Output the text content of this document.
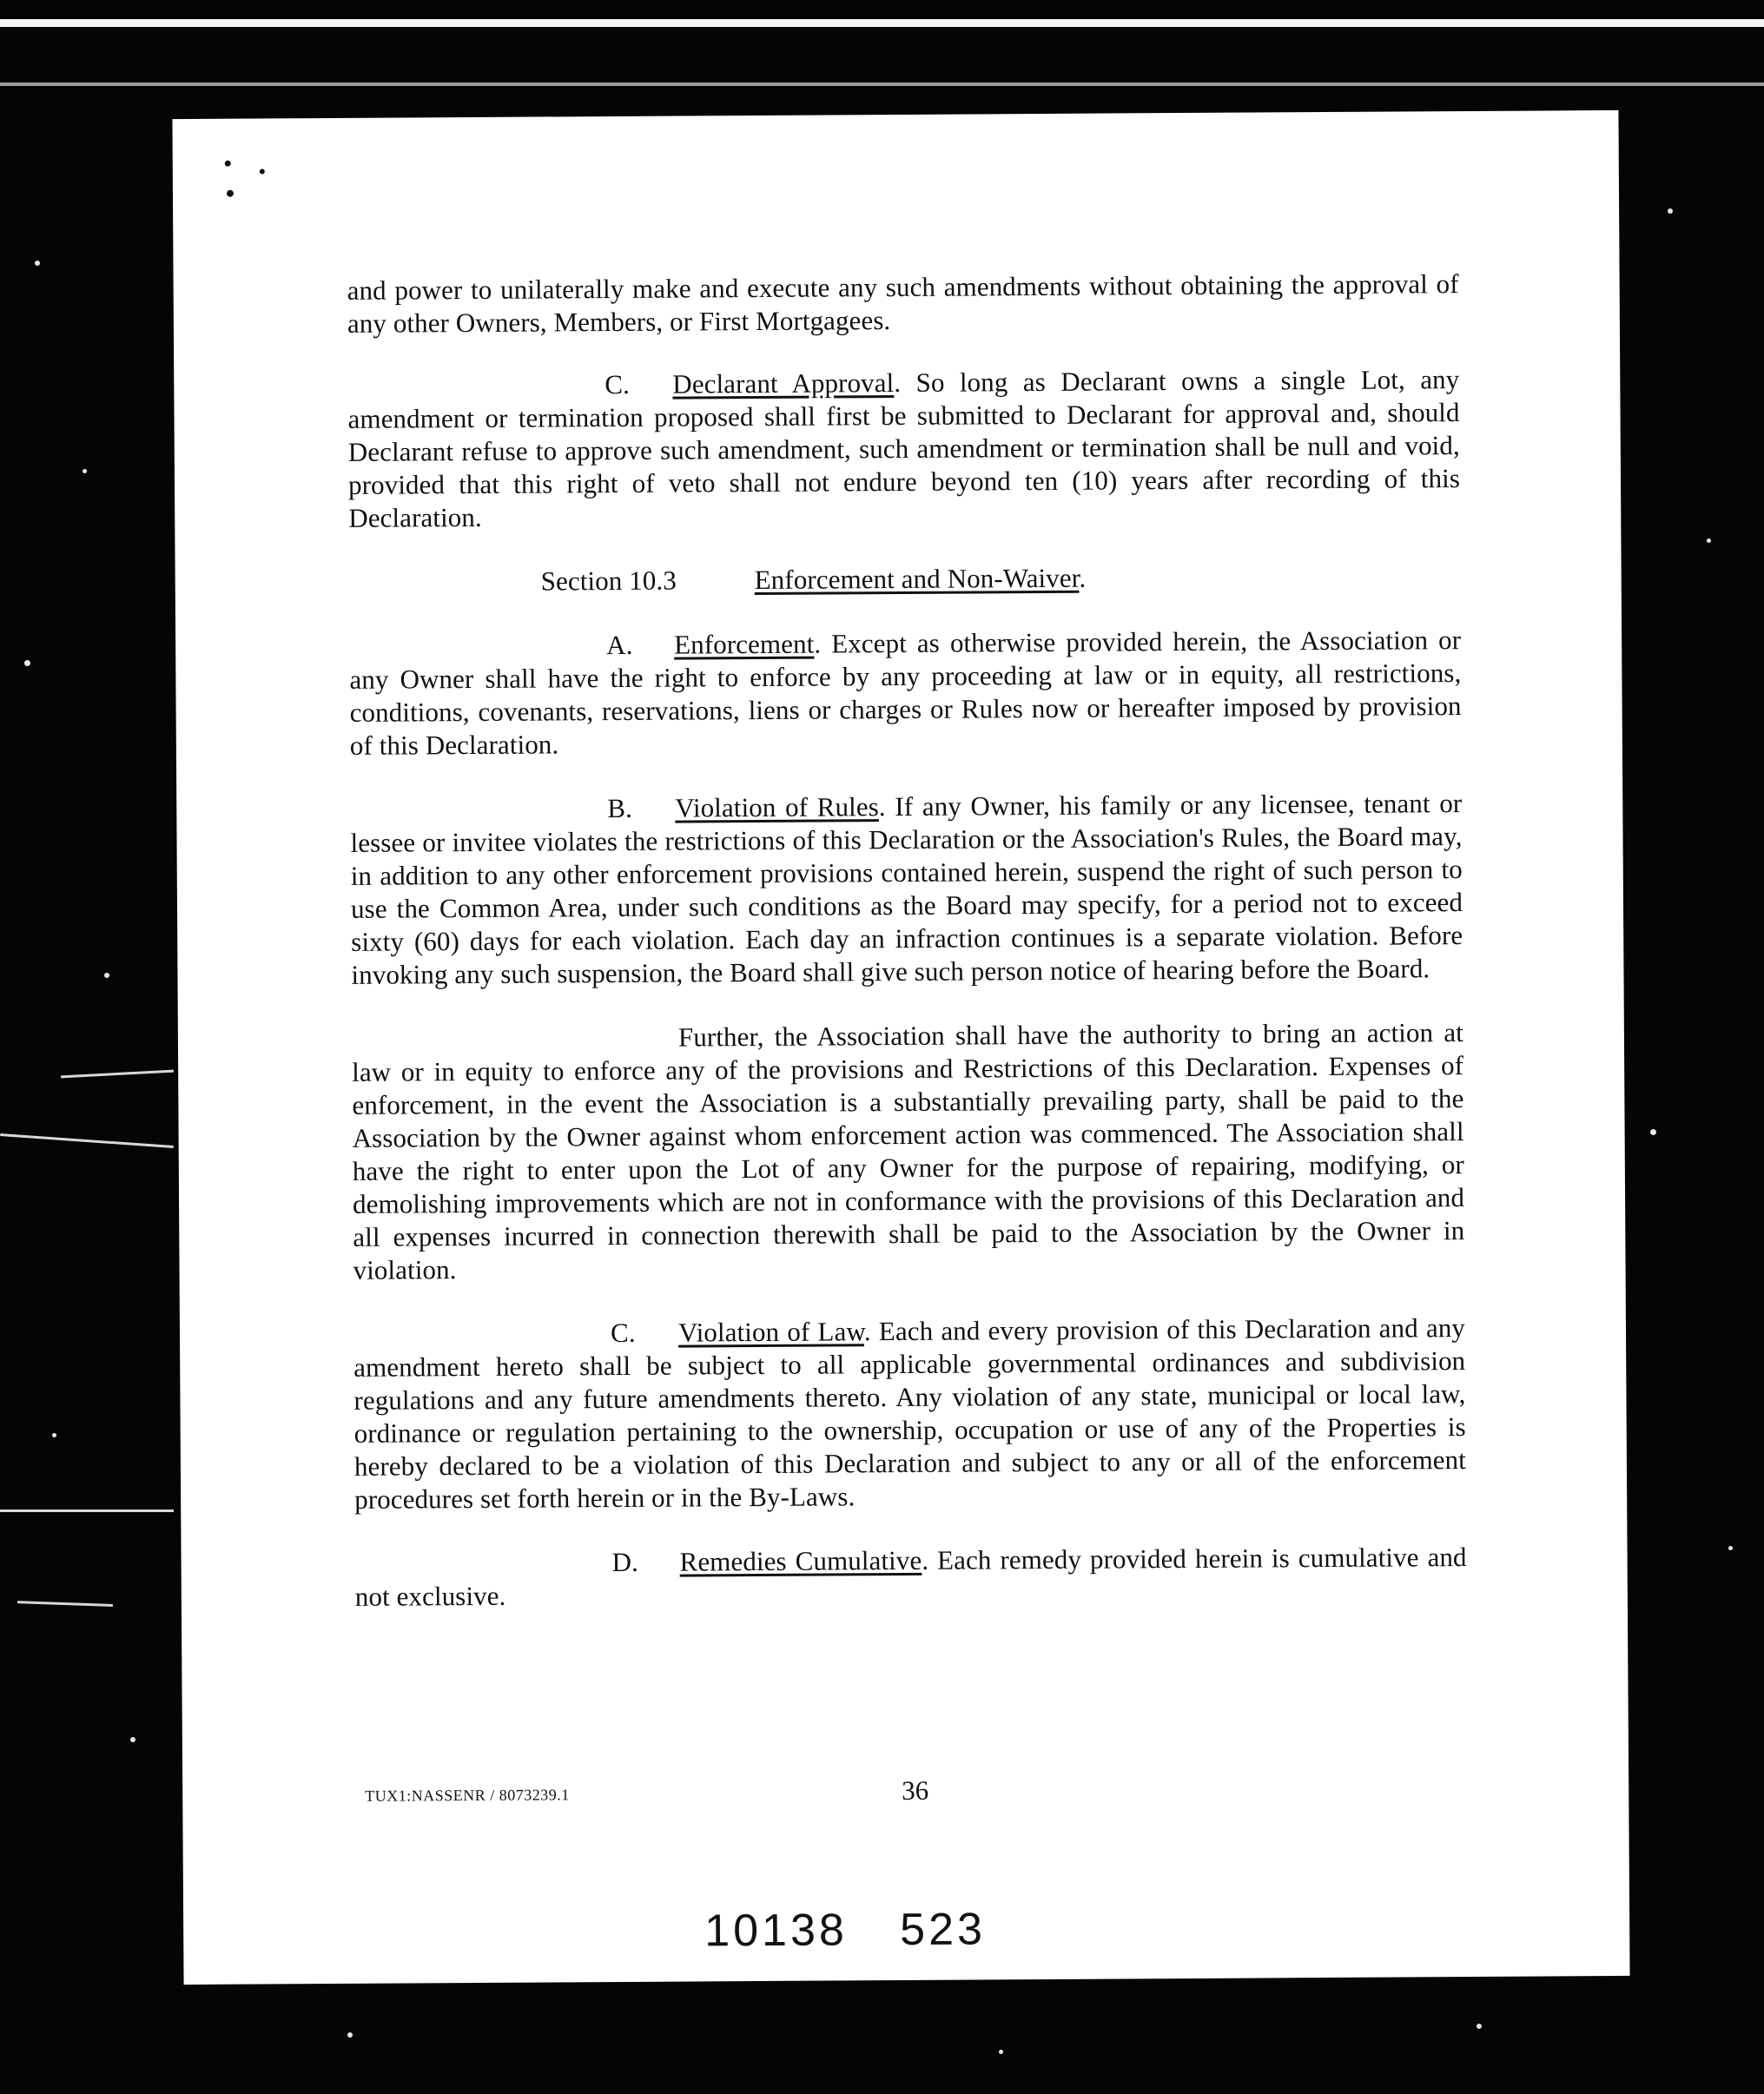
and power to unilaterally make and execute any such amendments without obtaining the approval of any other Owners, Members, or First Mortgagees.

C. Declarant Approval. So long as Declarant owns a single Lot, any amendment or termination proposed shall first be submitted to Declarant for approval and, should Declarant refuse to approve such amendment, such amendment or termination shall be null and void, provided that this right of veto shall not endure beyond ten (10) years after recording of this Declaration.

Section 10.3	Enforcement and Non-Waiver.

A. Enforcement. Except as otherwise provided herein, the Association or any Owner shall have the right to enforce by any proceeding at law or in equity, all restrictions, conditions, covenants, reservations, liens or charges or Rules now or hereafter imposed by provision of this Declaration.

B. Violation of Rules. If any Owner, his family or any licensee, tenant or lessee or invitee violates the restrictions of this Declaration or the Association's Rules, the Board may, in addition to any other enforcement provisions contained herein, suspend the right of such person to use the Common Area, under such conditions as the Board may specify, for a period not to exceed sixty (60) days for each violation. Each day an infraction continues is a separate violation. Before invoking any such suspension, the Board shall give such person notice of hearing before the Board.

Further, the Association shall have the authority to bring an action at law or in equity to enforce any of the provisions and Restrictions of this Declaration. Expenses of enforcement, in the event the Association is a substantially prevailing party, shall be paid to the Association by the Owner against whom enforcement action was commenced. The Association shall have the right to enter upon the Lot of any Owner for the purpose of repairing, modifying, or demolishing improvements which are not in conformance with the provisions of this Declaration and all expenses incurred in connection therewith shall be paid to the Association by the Owner in violation.

C. Violation of Law. Each and every provision of this Declaration and any amendment hereto shall be subject to all applicable governmental ordinances and subdivision regulations and any future amendments thereto. Any violation of any state, municipal or local law, ordinance or regulation pertaining to the ownership, occupation or use of any of the Properties is hereby declared to be a violation of this Declaration and subject to any or all of the enforcement procedures set forth herein or in the By-Laws.

D. Remedies Cumulative. Each remedy provided herein is cumulative and not exclusive.

TUX1:NASSENR / 8073239.1	36
10138 523
